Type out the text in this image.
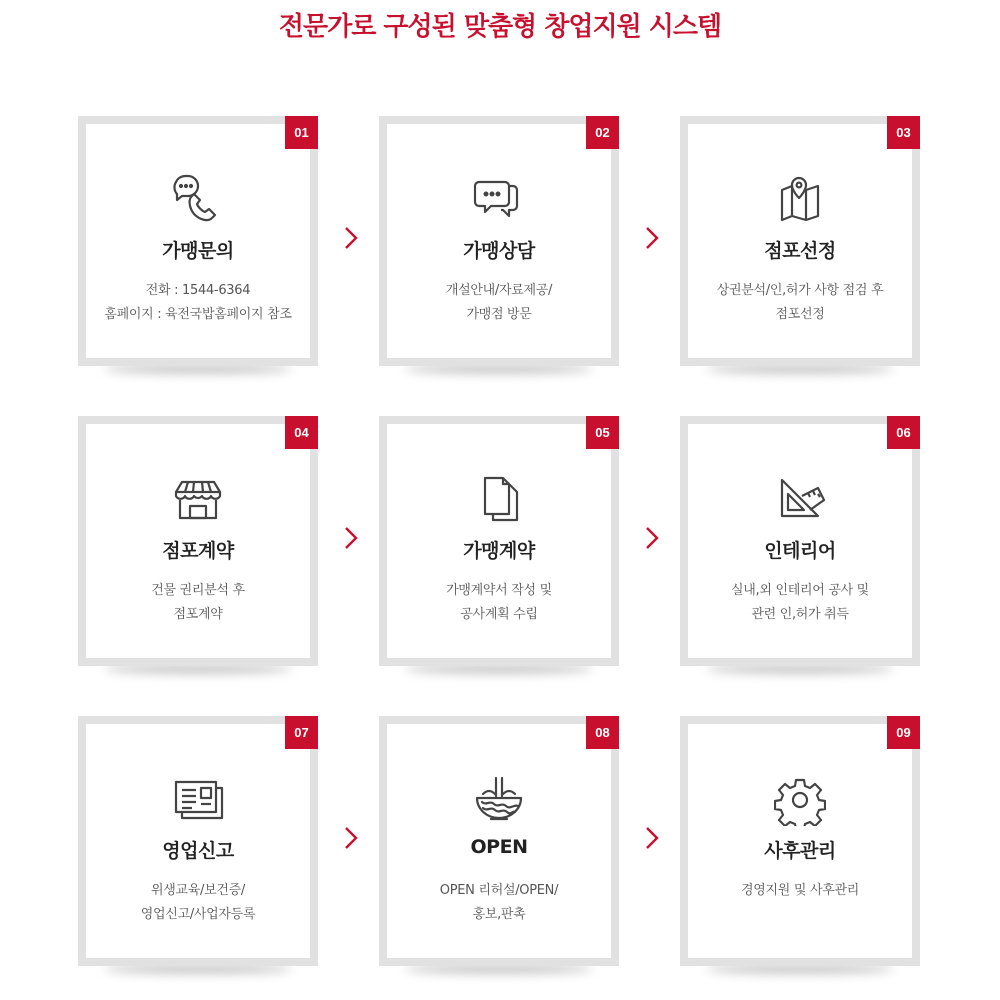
전문가로 구성된 맞춤형 창업지원 시스템
01
가맹문의
전화 : 1544-6364
홈페이지 : 육전국밥홈페이지 참조
02
가맹상담
개설안내/자료제공/
가맹점 방문
03
점포선정
상권분석/인,허가 사항 점검 후
점포선정
04
점포계약
건물 권리분석 후
점포계약
05
가맹계약
가맹계약서 작성 및
공사계획 수립
06
인테리어
실내,외 인테리어 공사 및
관련 인,허가 취득
07
영업신고
위생교육/보건증/
영업신고/사업자등록
08
OPEN
OPEN 리허설/OPEN/
홍보,판촉
09
사후관리
경영지원 및 사후관리
